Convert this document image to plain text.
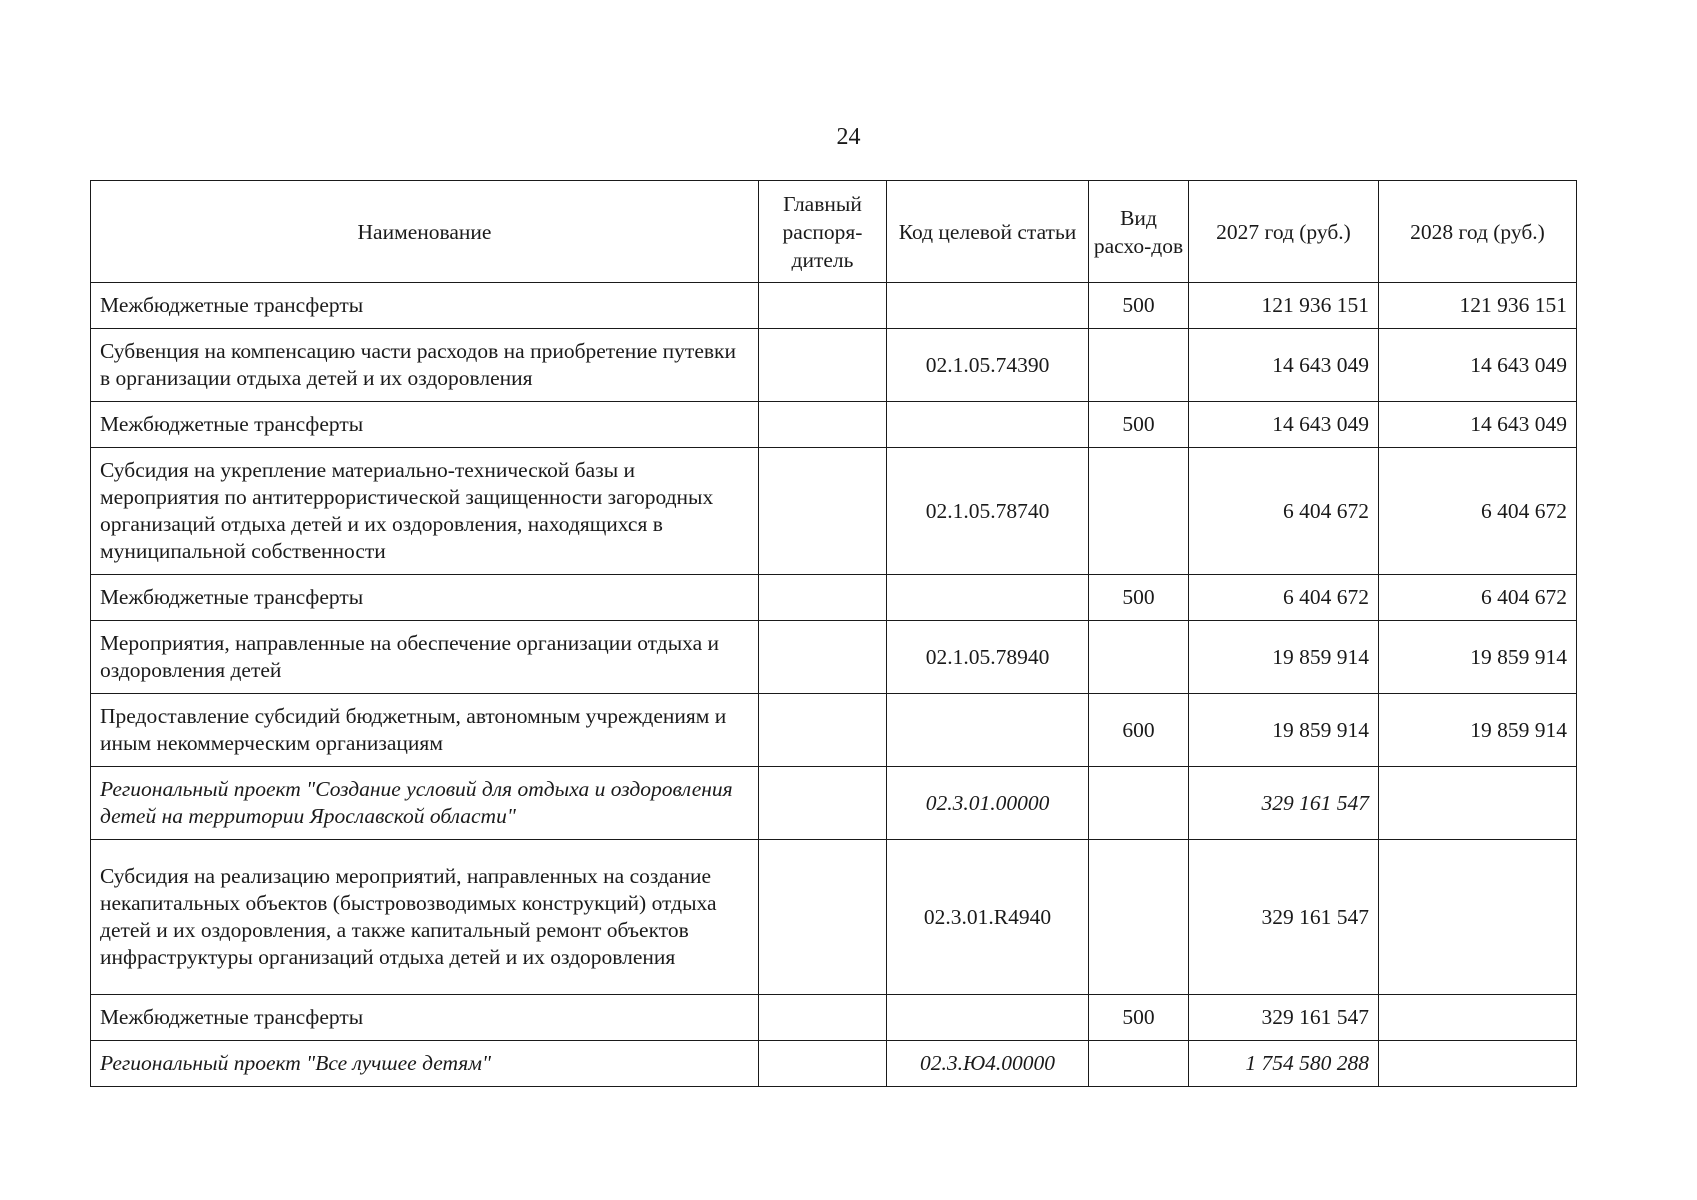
24
Наименование	Главный распоря-дитель	Код целевой статьи	Вид расхо-дов	2027 год (руб.)	2028 год (руб.)
Межбюджетные трансферты			500	121 936 151	121 936 151
Субвенция на компенсацию части расходов на приобретение путевки в организации отдыха детей и их оздоровления		02.1.05.74390		14 643 049	14 643 049
Межбюджетные трансферты			500	14 643 049	14 643 049
Субсидия на укрепление материально-технической базы и мероприятия по антитеррористической защищенности загородных организаций отдыха детей и их оздоровления, находящихся в муниципальной собственности		02.1.05.78740		6 404 672	6 404 672
Межбюджетные трансферты			500	6 404 672	6 404 672
Мероприятия, направленные на обеспечение организации отдыха и оздоровления детей		02.1.05.78940		19 859 914	19 859 914
Предоставление субсидий бюджетным, автономным учреждениям и иным некоммерческим организациям			600	19 859 914	19 859 914
Региональный проект "Создание условий для отдыха и оздоровления детей на территории Ярославской области"		02.3.01.00000		329 161 547	
Субсидия на реализацию мероприятий, направленных на создание некапитальных объектов (быстровозводимых конструкций) отдыха детей и их оздоровления, а также капитальный ремонт объектов инфраструктуры организаций отдыха детей и их оздоровления		02.3.01.R4940		329 161 547	
Межбюджетные трансферты			500	329 161 547	
Региональный проект "Все лучшее детям"		02.3.Ю4.00000		1 754 580 288	
